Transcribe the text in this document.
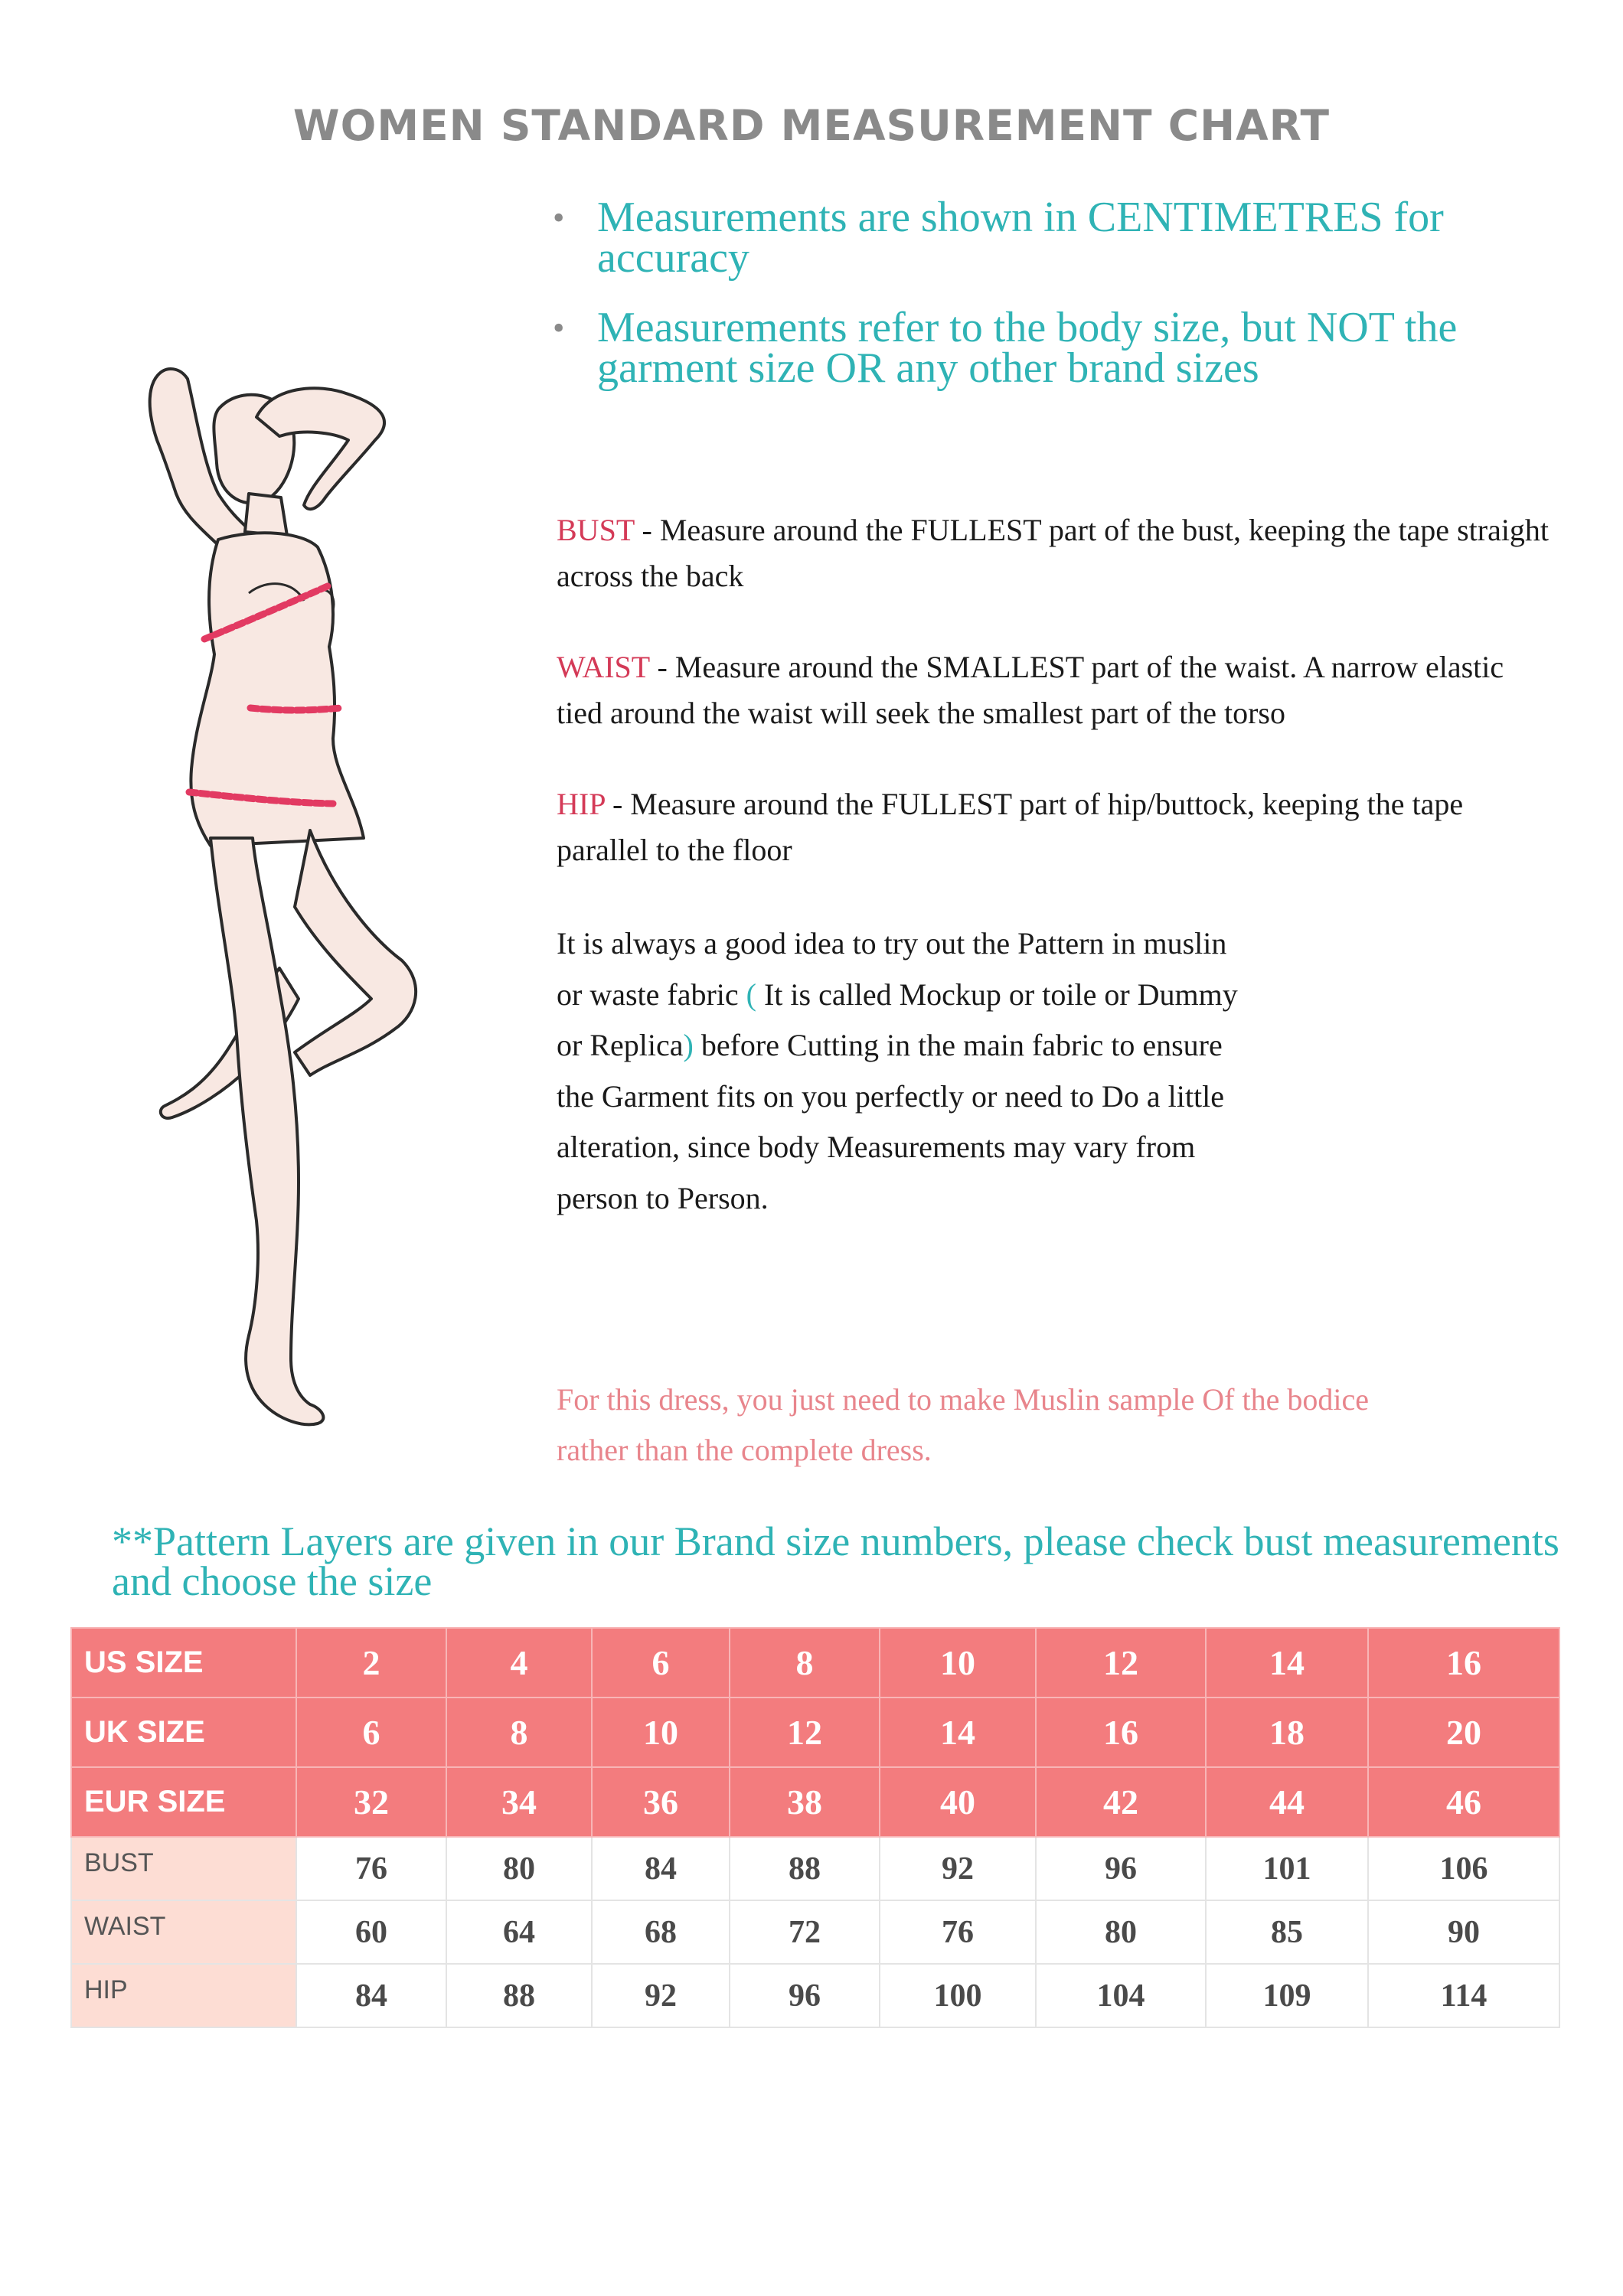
WOMEN STANDARD MEASUREMENT CHART
• Measurements are shown in CENTIMETRES for accuracy
• Measurements refer to the body size, but NOT the garment size OR any other brand sizes
BUST - Measure around the FULLEST part of the bust, keeping the tape straight across the back
WAIST - Measure around the SMALLEST part of the waist. A narrow elastic tied around the waist will seek the smallest part of the torso
HIP - Measure around the FULLEST part of hip/buttock, keeping the tape parallel to the floor
It is always a good idea to try out the Pattern in muslin or waste fabric ( It is called Mockup or toile or Dummy or Replica) before Cutting in the main fabric to ensure the Garment fits on you perfectly or need to Do a little alteration, since body Measurements may vary from person to Person.
For this dress, you just need to make Muslin sample Of the bodice rather than the complete dress.
**Pattern Layers are given in our Brand size numbers, please check bust measurements and choose the size
US SIZE	2	4	6	8	10	12	14	16
UK SIZE	6	8	10	12	14	16	18	20
EUR SIZE	32	34	36	38	40	42	44	46
BUST	76	80	84	88	92	96	101	106
WAIST	60	64	68	72	76	80	85	90
HIP	84	88	92	96	100	104	109	114
